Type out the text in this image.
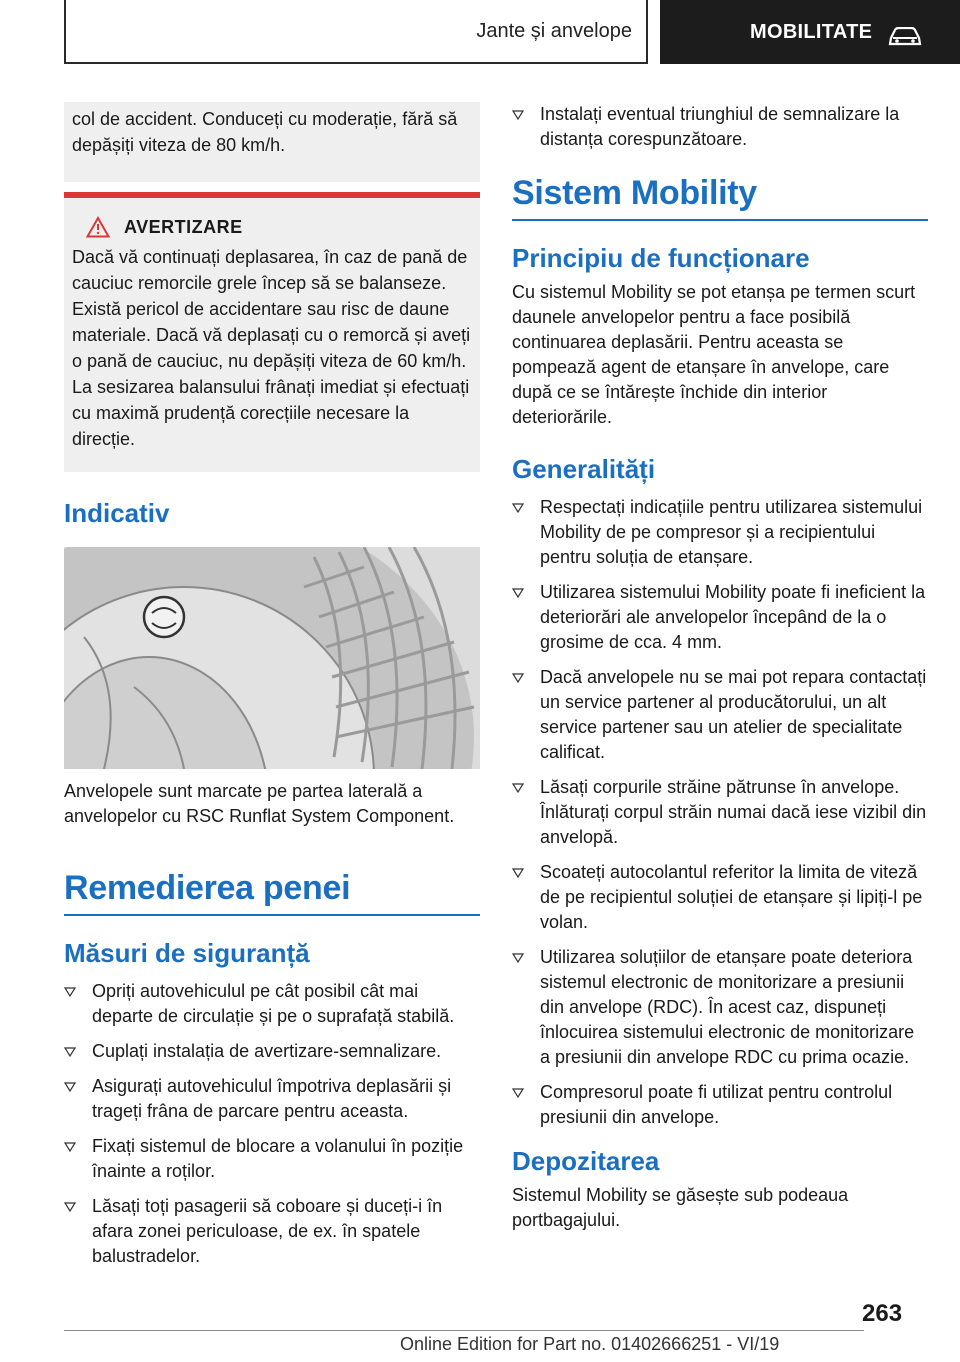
Jante și anvelope	MOBILITATE
col de accident. Conduceți cu moderație, fără să depășiți viteza de 80 km/h.
AVERTIZARE
Dacă vă continuați deplasarea, în caz de pană de cauciuc remorcile grele încep să se balanseze. Există pericol de accidentare sau risc de daune materiale. Dacă vă deplasați cu o remorcă și aveți o pană de cauciuc, nu depășiți viteza de 60 km/h. La sesizarea balansului frânați imediat și efectuați cu maximă prudență corecțiile necesare la direcție.
Indicativ

Anvelopele sunt marcate pe partea laterală a anvelopelor cu RSC Runflat System Component.

Remedierea penei
Măsuri de siguranță
Opriți autovehiculul pe cât posibil cât mai departe de circulație și pe o suprafață stabilă.
Cuplați instalația de avertizare-semnalizare.
Asigurați autovehiculul împotriva deplasării și trageți frâna de parcare pentru aceasta.
Fixați sistemul de blocare a volanului în poziție înainte a roților.
Lăsați toți pasagerii să coboare și duceți-i în afara zonei periculoase, de ex. în spatele balustradelor.
Instalați eventual triunghiul de semnalizare la distanța corespunzătoare.
Sistem Mobility
Principiu de funcționare

Cu sistemul Mobility se pot etanșa pe termen scurt daunele anvelopelor pentru a face posibilă continuarea deplasării. Pentru aceasta se pompează agent de etanșare în anvelope, care după ce se întărește închide din interior deteriorările.

Generalități
Respectați indicațiile pentru utilizarea sistemului Mobility de pe compresor și a recipientului pentru soluția de etanșare.
Utilizarea sistemului Mobility poate fi ineficient la deteriorări ale anvelopelor începând de la o grosime de cca. 4 mm.
Dacă anvelopele nu se mai pot repara contactați un service partener al producătorului, un alt service partener sau un atelier de specialitate calificat.
Lăsați corpurile străine pătrunse în anvelope. Înlăturați corpul străin numai dacă iese vizibil din anvelopă.
Scoateți autocolantul referitor la limita de viteză de pe recipientul soluției de etanșare și lipiți-l pe volan.
Utilizarea soluțiilor de etanșare poate deteriora sistemul electronic de monitorizare a presiunii din anvelope (RDC). În acest caz, dispuneți înlocuirea sistemului electronic de monitorizare a presiunii din anvelope RDC cu prima ocazie.
Compresorul poate fi utilizat pentru controlul presiunii din anvelope.
Depozitarea

Sistemul Mobility se găsește sub podeaua portbagajului.

263
Online Edition for Part no. 01402666251 - VI/19
